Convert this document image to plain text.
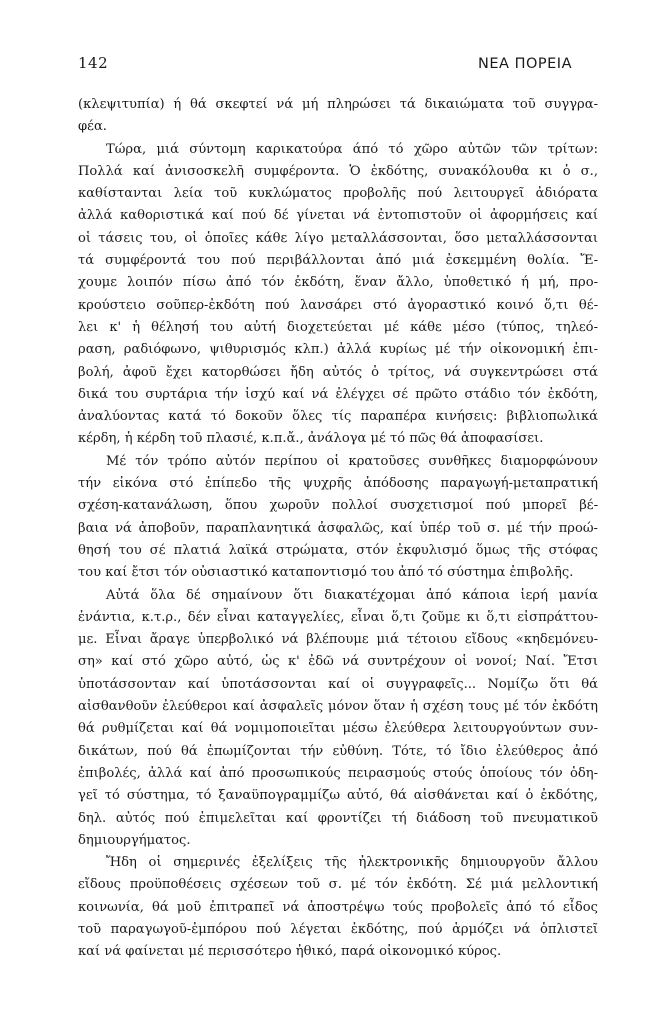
142	ΝΕΑ ΠΟΡΕΙΑ
(κλεψιτυπία) ή θά σκεφτεί νά μή πληρώσει τά δικαιώματα τοῦ συγγρα-
φέα.
Τώρα, μιά σύντομη καρικατούρα άπό τό χῶρο αὐτῶν τῶν τρίτων:
Πολλά καί ἀνισοσκελῆ συμφέροντα. Ὁ ἐκδότης, συνακόλουθα κι ὁ σ.,
καθίστανται λεία τοῦ κυκλώματος προβολῆς πού λειτουργεῖ ἀδιόρατα
ἀλλά καθοριστικά καί πού δέ γίνεται νά ἐντοπιστοῦν οἱ ἀφορμήσεις καί
οἱ τάσεις του, οἱ ὁποῖες κάθε λίγο μεταλλάσσονται, ὅσο μεταλλάσσονται
τά συμφέροντά του πού περιβάλλονται ἀπό μιά ἐσκεμμένη θολία. Ἔ-
χουμε λοιπόν πίσω ἀπό τόν ἐκδότη, ἕναν ἄλλο, ὑποθετικό ή μή, προ-
κρούστειο σοῦπερ-ἐκδότη πού λανσάρει στό ἀγοραστικό κοινό ὅ,τι θέ-
λει κ' ἡ θέλησή του αὐτή διοχετεύεται μέ κάθε μέσο (τύπος, τηλεό-
ραση, ραδιόφωνο, ψιθυρισμός κλπ.) ἀλλά κυρίως μέ τήν οἰκονομική ἐπι-
βολή, ἀφοῦ ἔχει κατορθώσει ἤδη αὐτός ὁ τρίτος, νά συγκεντρώσει στά
δικά του συρτάρια τήν ἰσχύ καί νά ἐλέγχει σέ πρῶτο στάδιο τόν ἐκδότη,
ἀναλύοντας κατά τό δοκοῦν ὅλες τίς παραπέρα κινήσεις: βιβλιοπωλικά
κέρδη, ἡ κέρδη τοῦ πλασιέ, κ.π.ἄ., ἀνάλογα μέ τό πῶς θά ἀποφασίσει.
Μέ τόν τρόπο αὐτόν περίπου οἱ κρατοῦσες συνθῆκες διαμορφώνουν
τήν εἰκόνα στό ἐπίπεδο τῆς ψυχρῆς ἀπόδοσης παραγωγή-μεταπρατική
σχέση-κατανάλωση, ὅπου χωροῦν πολλοί συσχετισμοί πού μπορεῖ βέ-
βαια νά ἀποβοῦν, παραπλανητικά ἀσφαλῶς, καί ὑπέρ τοῦ σ. μέ τήν προώ-
θησή του σέ πλατιά λαϊκά στρώματα, στόν ἐκφυλισμό ὅμως τῆς στόφας
του καί ἔτσι τόν οὐσιαστικό καταποντισμό του ἀπό τό σύστημα ἐπιβολῆς.
Αὐτά ὅλα δέ σημαίνουν ὅτι διακατέχομαι ἀπό κάποια ἱερή μανία
ἐνάντια, κ.τ.ρ., δέν εἶναι καταγγελίες, εἶναι ὅ,τι ζοῦμε κι ὅ,τι εἰσπράττου-
με. Εἶναι ἄραγε ὑπερβολικό νά βλέπουμε μιά τέτοιου εἴδους «κηδεμόνευ-
ση» καί στό χῶρο αὐτό, ὡς κ' ἐδῶ νά συντρέχουν οἱ νονοί; Ναί. Ἔτσι
ὑποτάσσονταν καί ὑποτάσσονται καί οἱ συγγραφεῖς... Νομίζω ὅτι θά
αἰσθανθοῦν ἐλεύθεροι καί ἀσφαλεῖς μόνον ὅταν ἡ σχέση τους μέ τόν ἐκδότη
θά ρυθμίζεται καί θά νομιμοποιεῖται μέσω ἐλεύθερα λειτουργούντων συν-
δικάτων, πού θά ἐπωμίζονται τήν εὐθύνη. Τότε, τό ἴδιο ἐλεύθερος ἀπό
ἐπιβολές, ἀλλά καί ἀπό προσωπικούς πειρασμούς στούς ὁποίους τόν ὁδη-
γεῖ τό σύστημα, τό ξαναϋπογραμμίζω αὐτό, θά αἰσθάνεται καί ὁ ἐκδότης,
δηλ. αὐτός πού ἐπιμελεῖται καί φροντίζει τή διάδοση τοῦ πνευματικοῦ
δημιουργήματος.
Ἤδη οἱ σημερινές ἐξελίξεις τῆς ἠλεκτρονικῆς δημιουργοῦν ἄλλου
εἴδους προϋποθέσεις σχέσεων τοῦ σ. μέ τόν ἐκδότη. Σέ μιά μελλοντική
κοινωνία, θά μοῦ ἐπιτραπεῖ νά ἀποστρέψω τούς προβολεῖς ἀπό τό εἶδος
τοῦ παραγωγοῦ-ἐμπόρου πού λέγεται ἐκδότης, πού ἁρμόζει νά ὁπλιστεῖ
καί νά φαίνεται μέ περισσότερο ἠθικό, παρά οἰκονομικό κύρος.
